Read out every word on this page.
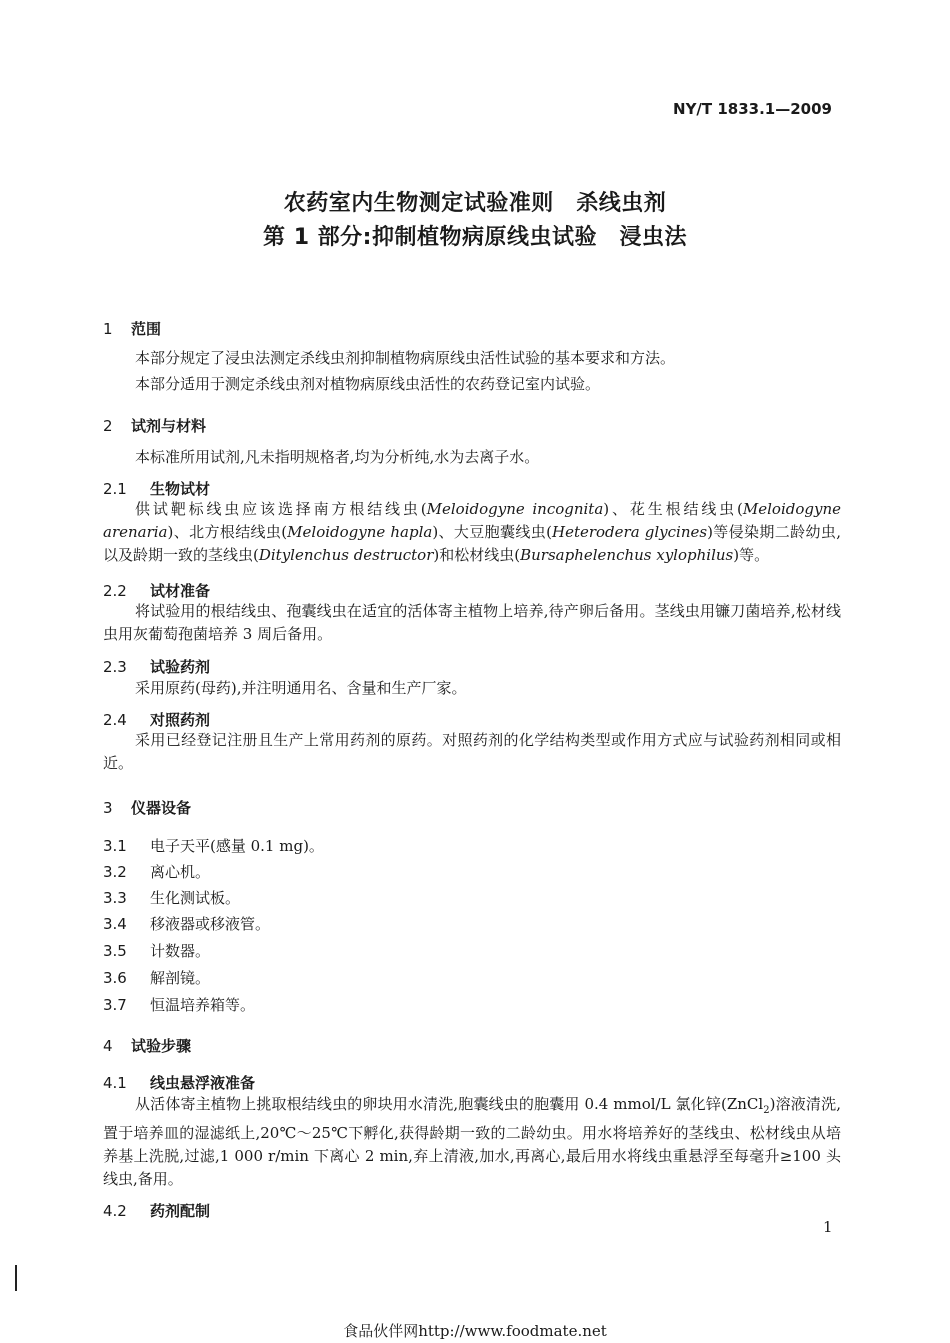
NY/T 1833.1—2009
农药室内生物测定试验准则　杀线虫剂
第 1 部分:抑制植物病原线虫试验　浸虫法
1 范围
本部分规定了浸虫法测定杀线虫剂抑制植物病原线虫活性试验的基本要求和方法。
本部分适用于测定杀线虫剂对植物病原线虫活性的农药登记室内试验。
2 试剂与材料
本标准所用试剂,凡未指明规格者,均为分析纯,水为去离子水。
2.1 生物试材
供试靶标线虫应该选择南方根结线虫(Meloidogyne incognita)、花生根结线虫(Meloidogyne arenaria)、北方根结线虫(Meloidogyne hapla)、大豆胞囊线虫(Heterodera glycines)等侵染期二龄幼虫,以及龄期一致的茎线虫(Ditylenchus destructor)和松材线虫(Bursaphelenchus xylophilus)等。
2.2 试材准备
将试验用的根结线虫、孢囊线虫在适宜的活体寄主植物上培养,待产卵后备用。茎线虫用镰刀菌培养,松材线虫用灰葡萄孢菌培养 3 周后备用。
2.3 试验药剂
采用原药(母药),并注明通用名、含量和生产厂家。
2.4 对照药剂
采用已经登记注册且生产上常用药剂的原药。对照药剂的化学结构类型或作用方式应与试验药剂相同或相近。
3 仪器设备
3.1 电子天平(感量 0.1 mg)。
3.2 离心机。
3.3 生化测试板。
3.4 移液器或移液管。
3.5 计数器。
3.6 解剖镜。
3.7 恒温培养箱等。
4 试验步骤
4.1 线虫悬浮液准备
从活体寄主植物上挑取根结线虫的卵块用水清洗,胞囊线虫的胞囊用 0.4 mmol/L 氯化锌(ZnCl$_2$)溶液清洗,置于培养皿的湿滤纸上,20℃～25℃下孵化,获得龄期一致的二龄幼虫。用水将培养好的茎线虫、松材线虫从培养基上洗脱,过滤,1 000 r/min 下离心 2 min,弃上清液,加水,再离心,最后用水将线虫重悬浮至每毫升≥100 头线虫,备用。
4.2 药剂配制
1
食品伙伴网http://www.foodmate.net
